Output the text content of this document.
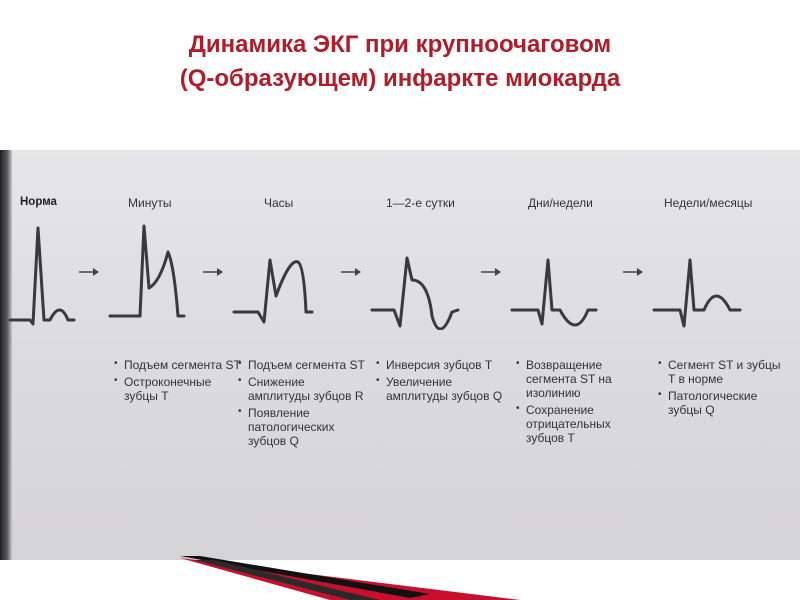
Динамика ЭКГ при крупноочаговом
(Q-образующем) инфаркте миокарда
Норма	Минуты
• Подъем сегмента ST
• Остроконечные зубцы T
Часы
• Подъем сегмента ST
• Снижение амплитуды зубцов R
• Появление патологических зубцов Q
1—2-е сутки
• Инверсия зубцов T
• Увеличение амплитуды зубцов Q
Дни/недели
• Возвращение сегмента ST на изолинию
• Сохранение отрицательных зубцов T
Недели/месяцы
• Сегмент ST и зубцы T в норме
• Патологические зубцы Q
